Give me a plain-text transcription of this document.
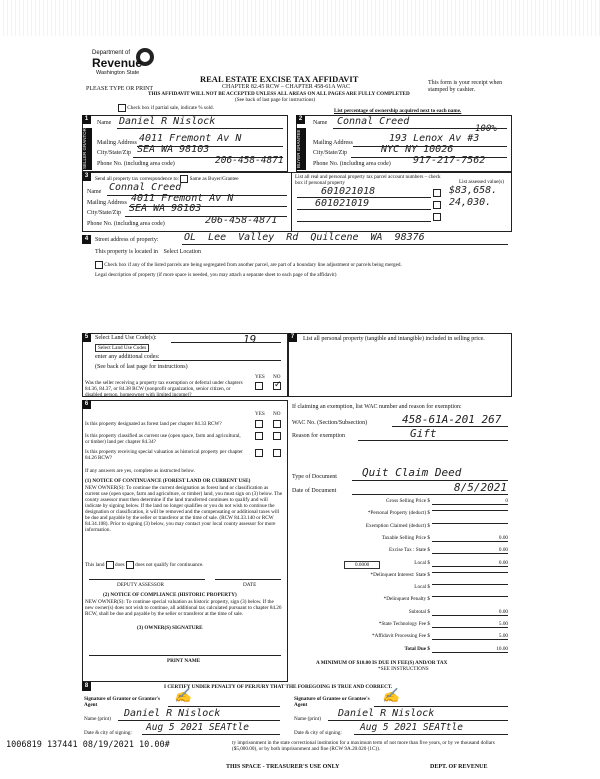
Department of
Revenue
Washington State
REAL ESTATE EXCISE TAX AFFIDAVIT
CHAPTER 82.45 RCW – CHAPTER 458-61A WAC
THIS AFFIDAVIT WILL NOT BE ACCEPTED UNLESS ALL AREAS ON ALL PAGES ARE FULLY COMPLETED
(See back of last page for instructions)
PLEASE TYPE OR PRINT
This form is your receipt when stamped by cashier.
Check box if partial sale, indicate % sold.	List percentage of ownership acquired next to each name.
1
SELLER GRANTOR
Name Daniel R Nislock
Mailing Address 4011 Fremont Av N
City/State/Zip SEA WA 98103
Phone No. (including area code)	206-458-4871
2
BUYER GRANTEE
Name Connal Creed
100%
Mailing Address	193 Lenox Av #3
City/State/Zip	NYC NY 10026
Phone No. (including area code) 917-217-7562
3
Send all property tax correspondence to: Same as Buyer/Grantee
Name Connal Creed
Mailing Address 4011 Fremont Av N
City/State/Zip SEA WA 98103
Phone No. (including area code)	206-458-4871
List all real and personal property tax parcel account numbers – check box if personal property	List assessed value(s)
601021018	$83,658.
601021019	24,030.
4	Street address of property:	OL Lee Valley Rd Quilcene WA 98376
This property is located in Select Location
Check box if any of the listed parcels are being segregated from another parcel, are part of a boundary line adjustment or parcels being merged.
Legal description of property (if more space is needed, you may attach a separate sheet to each page of the affidavit)
5	Select Land Use Code(s):	19
Select Land Use Codes
enter any additional codes:
(See back of last page for instructions)
YES NO
Was the seller receiving a property tax exemption or deferral under chapters 84.36, 84.37, or 84.38 RCW (nonprofit organization, senior citizen, or disabled person, homeowner with limited income)?
✓
7	List all personal property (tangible and intangible) included in selling price.
6
YES NO
Is this property designated as forest land per chapter 84.33 RCW?
Is this property classified as current use (open space, farm and agricultural, or timber) land per chapter 84.34?
Is this property receiving special valuation as historical property per chapter 84.26 RCW?
If any answers are yes, complete as instructed below.
(1) NOTICE OF CONTINUANCE (FOREST LAND OR CURRENT USE)
NEW OWNER(S): To continue the current designation as forest land or classification as current use (open space, farm and agriculture, or timber) land, you must sign on (3) below. The county assessor must then determine if the land transferred continues to qualify and will indicate by signing below. If the land no longer qualifies or you do not wish to continue the designation or classification, it will be removed and the compensating or additional taxes will be due and payable by the seller or transferor at the time of sale. (RCW 84.33.140 or RCW 84.34.108). Prior to signing (3) below, you may contact your local county assessor for more information.
This land does does not qualify for continuance.
DEPUTY ASSESSOR	DATE
(2) NOTICE OF COMPLIANCE (HISTORIC PROPERTY)
NEW OWNER(S): To continue special valuation as historic property, sign (3) below. If the new owner(s) does not wish to continue, all additional tax calculated pursuant to chapter 84.26 RCW, shall be due and payable by the seller or transferor at the time of sale.
(3) OWNER(S) SIGNATURE
PRINT NAME
If claiming an exemption, list WAC number and reason for exemption:
WAC No. (Section/Subsection)	458-61A-201 267
Reason for exemption	Gift
Type of Document Quit Claim Deed
Date of Document	8/5/2021
Gross Selling Price $	0
*Personal Property (deduct) $
Exemption Claimed (deduct) $
Taxable Selling Price $	0.00
Excise Tax : State $	0.00
Local $	0.00
*Delinquent Interest: State $
Local $
*Delinquent Penalty $
Subtotal $	0.00
*State Technology Fee $	5.00
*Affidavit Processing Fee $	5.00
Total Due $	10.00
0.0000
A MINIMUM OF $10.00 IS DUE IN FEE(S) AND/OR TAX
*SEE INSTRUCTIONS
8	I CERTIFY UNDER PENALTY OF PERJURY THAT THE FOREGOING IS TRUE AND CORRECT.
Signature of Grantor or Grantor's Agent
✍	Signature of Grantee or Grantee's Agent
✍
Name (print) Daniel R Nislock	Name (print) Daniel R Nislock
Date & city of signing: Aug 5 2021 SEATtle	Date & city of signing: Aug 5 2021 SEATtle
ty imprisonment in the state correctional institution for a maximum term of not more than five years, or by ve thousand dollars ($5,000.00), or by both imprisonment and fine (RCW 9A.20.020 (1C)).
1006819 137441 08/19/2021 10.00#
THIS SPACE - TREASURER'S USE ONLY	DEPT. OF REVENUE
